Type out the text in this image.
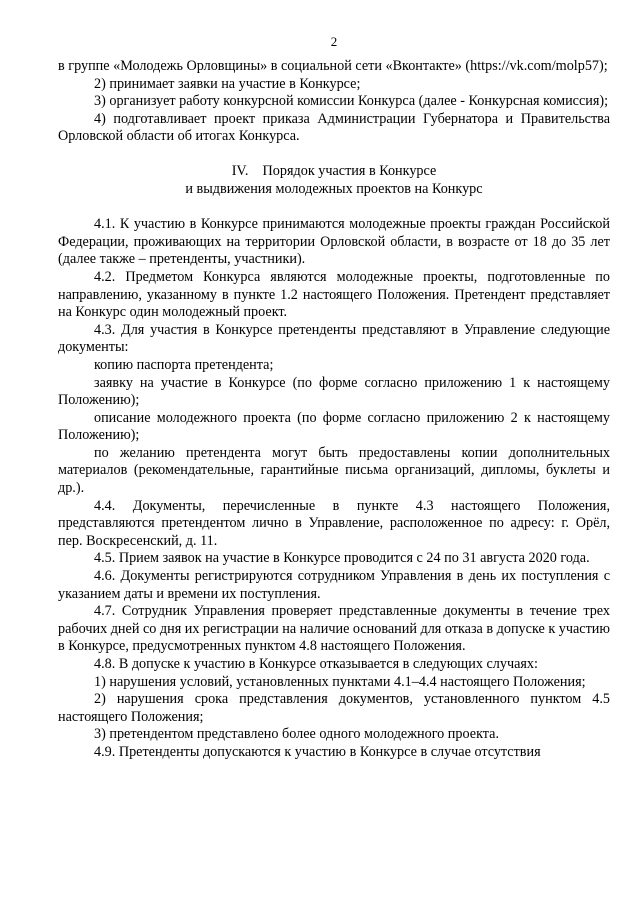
2

в группе «Молодежь Орловщины» в социальной сети «Вконтакте» (https://vk.com/molp57);

2) принимает заявки на участие в Конкурсе;

3) организует работу конкурсной комиссии Конкурса (далее - Конкурсная комиссия);

4) подготавливает проект приказа Администрации Губернатора и Правительства Орловской области об итогах Конкурса.

IV.    Порядок участия в Конкурсе
и выдвижения молодежных проектов на Конкурс

4.1. К участию в Конкурсе принимаются молодежные проекты граждан Российской Федерации, проживающих на территории Орловской области, в возрасте от 18 до 35 лет (далее также – претенденты, участники).

4.2. Предметом Конкурса являются молодежные проекты, подготовленные по направлению, указанному в пункте 1.2 настоящего Положения. Претендент представляет на Конкурс один молодежный проект.

4.3. Для участия в Конкурсе претенденты представляют в Управление следующие документы:

копию паспорта претендента;

заявку на участие в Конкурсе (по форме согласно приложению 1 к настоящему Положению);

описание молодежного проекта (по форме согласно приложению 2 к настоящему Положению);

по желанию претендента могут быть предоставлены копии дополнительных материалов (рекомендательные, гарантийные письма организаций, дипломы, буклеты и др.).

4.4. Документы, перечисленные в пункте 4.3 настоящего Положения, представляются претендентом лично в Управление, расположенное по адресу: г. Орёл, пер. Воскресенский, д. 11.

4.5. Прием заявок на участие в Конкурсе проводится с 24 по 31 августа 2020 года.

4.6. Документы регистрируются сотрудником Управления в день их поступления с указанием даты и времени их поступления.

4.7. Сотрудник Управления проверяет представленные документы в течение трех рабочих дней со дня их регистрации на наличие оснований для отказа в допуске к участию в Конкурсе, предусмотренных пунктом 4.8 настоящего Положения.

4.8. В допуске к участию в Конкурсе отказывается в следующих случаях:

1) нарушения условий, установленных пунктами 4.1–4.4 настоящего Положения;

2) нарушения срока представления документов, установленного пунктом 4.5 настоящего Положения;

3) претендентом представлено более одного молодежного проекта.

4.9. Претенденты допускаются к участию в Конкурсе в случае отсутствия
